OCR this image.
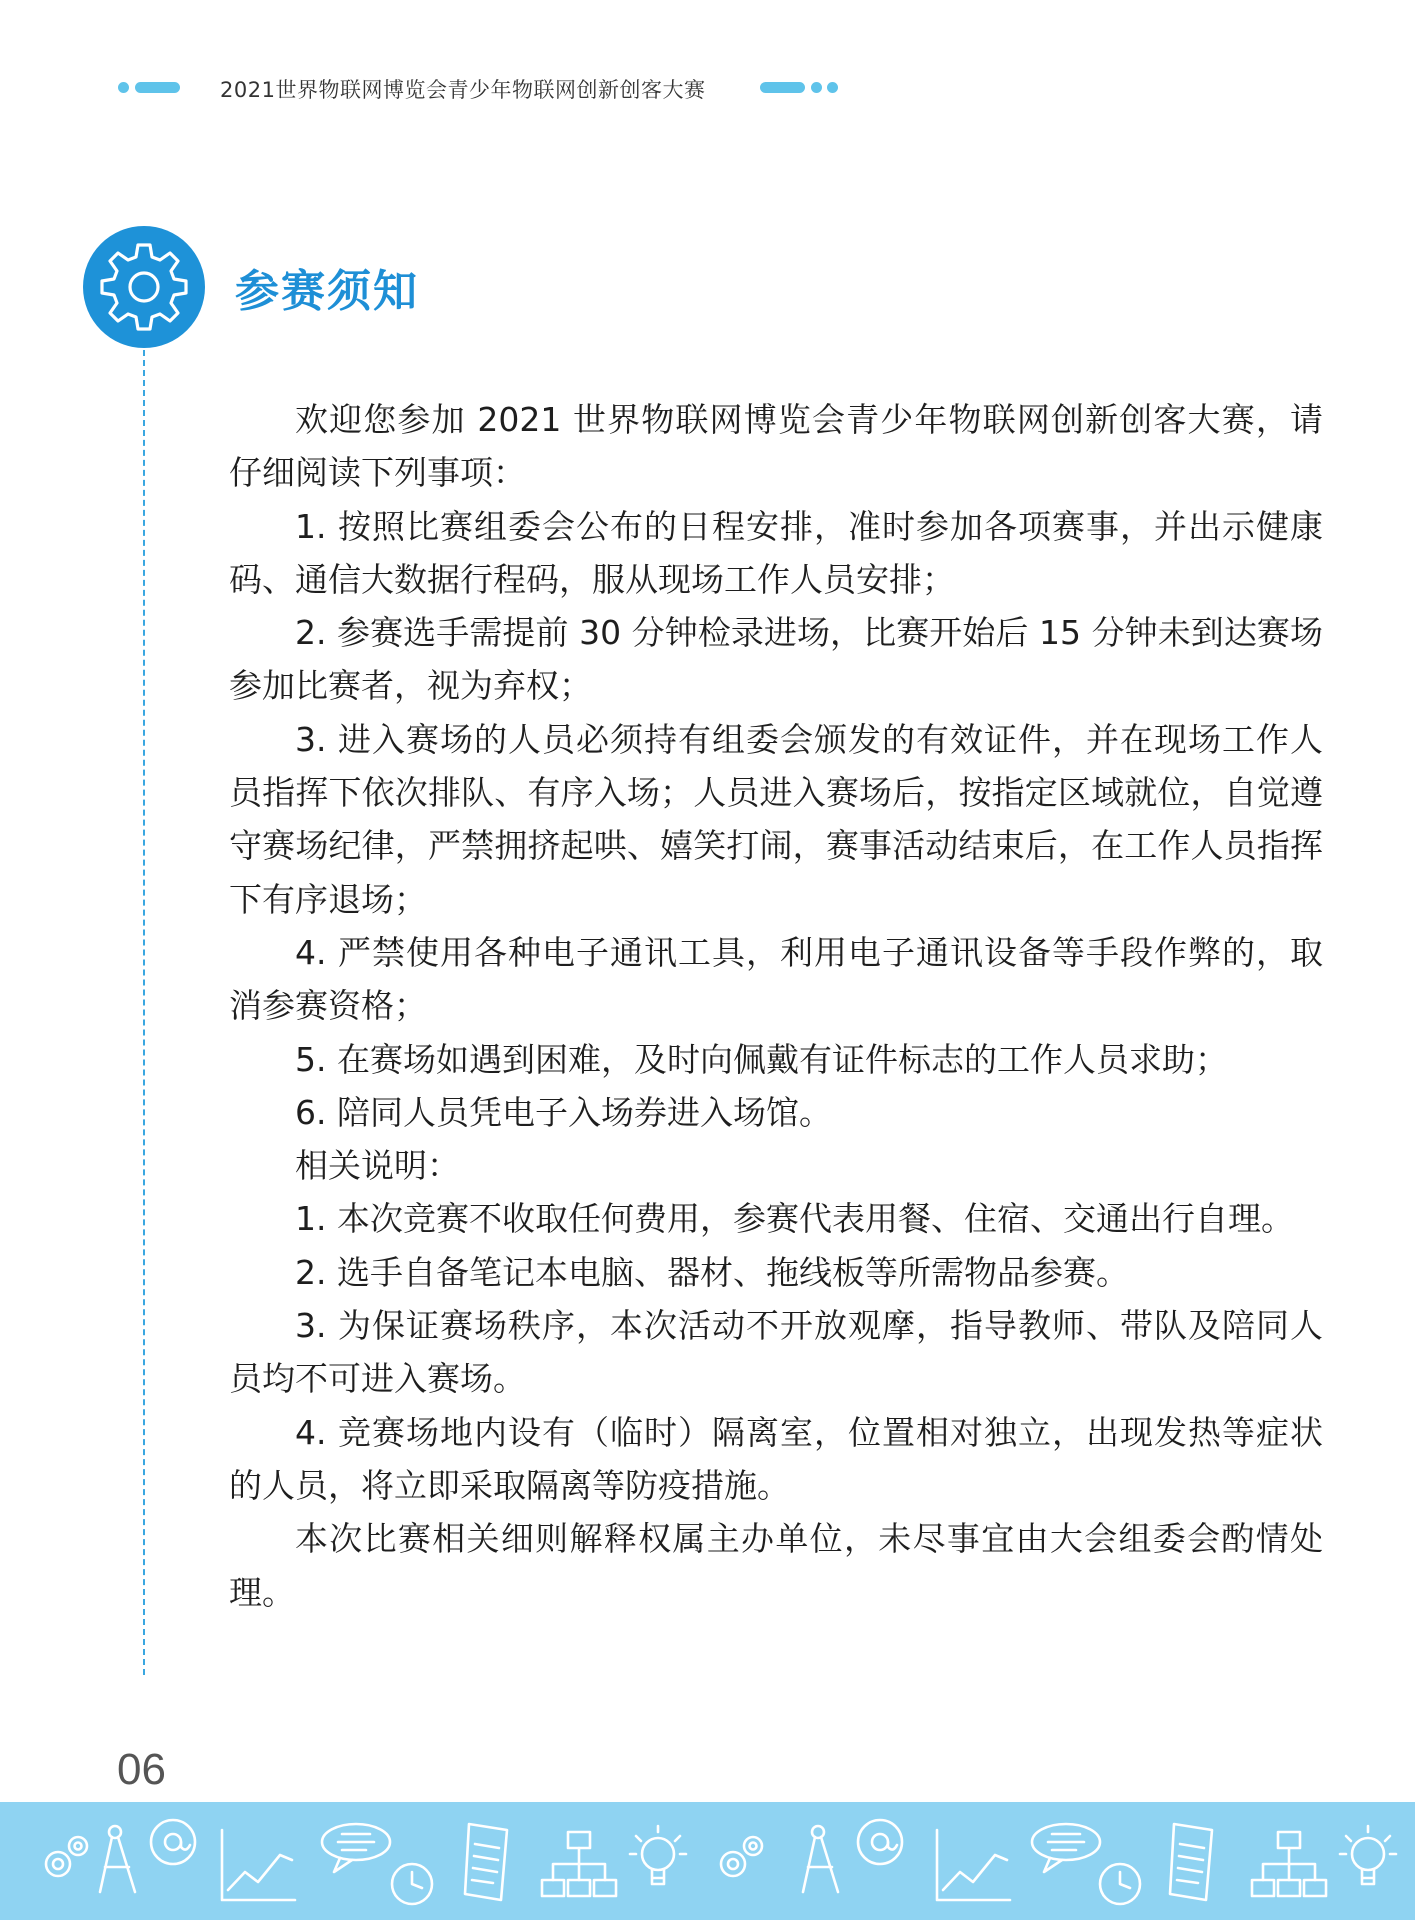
2021世界物联网博览会青少年物联网创新创客大赛
参赛须知

欢迎您参加 2021 世界物联网博览会青少年物联网创新创客大赛，请仔细阅读下列事项：

1. 按照比赛组委会公布的日程安排，准时参加各项赛事，并出示健康码、通信大数据行程码，服从现场工作人员安排；

2. 参赛选手需提前 30 分钟检录进场，比赛开始后 15 分钟未到达赛场参加比赛者，视为弃权；

3. 进入赛场的人员必须持有组委会颁发的有效证件，并在现场工作人员指挥下依次排队、有序入场；人员进入赛场后，按指定区域就位，自觉遵守赛场纪律，严禁拥挤起哄、嬉笑打闹，赛事活动结束后，在工作人员指挥下有序退场；

4. 严禁使用各种电子通讯工具，利用电子通讯设备等手段作弊的，取消参赛资格；

5. 在赛场如遇到困难，及时向佩戴有证件标志的工作人员求助；

6. 陪同人员凭电子入场券进入场馆。

相关说明：

1. 本次竞赛不收取任何费用，参赛代表用餐、住宿、交通出行自理。

2. 选手自备笔记本电脑、器材、拖线板等所需物品参赛。

3. 为保证赛场秩序，本次活动不开放观摩，指导教师、带队及陪同人员均不可进入赛场。

4. 竞赛场地内设有（临时）隔离室，位置相对独立，出现发热等症状的人员，将立即采取隔离等防疫措施。

本次比赛相关细则解释权属主办单位，未尽事宜由大会组委会酌情处理。

06
